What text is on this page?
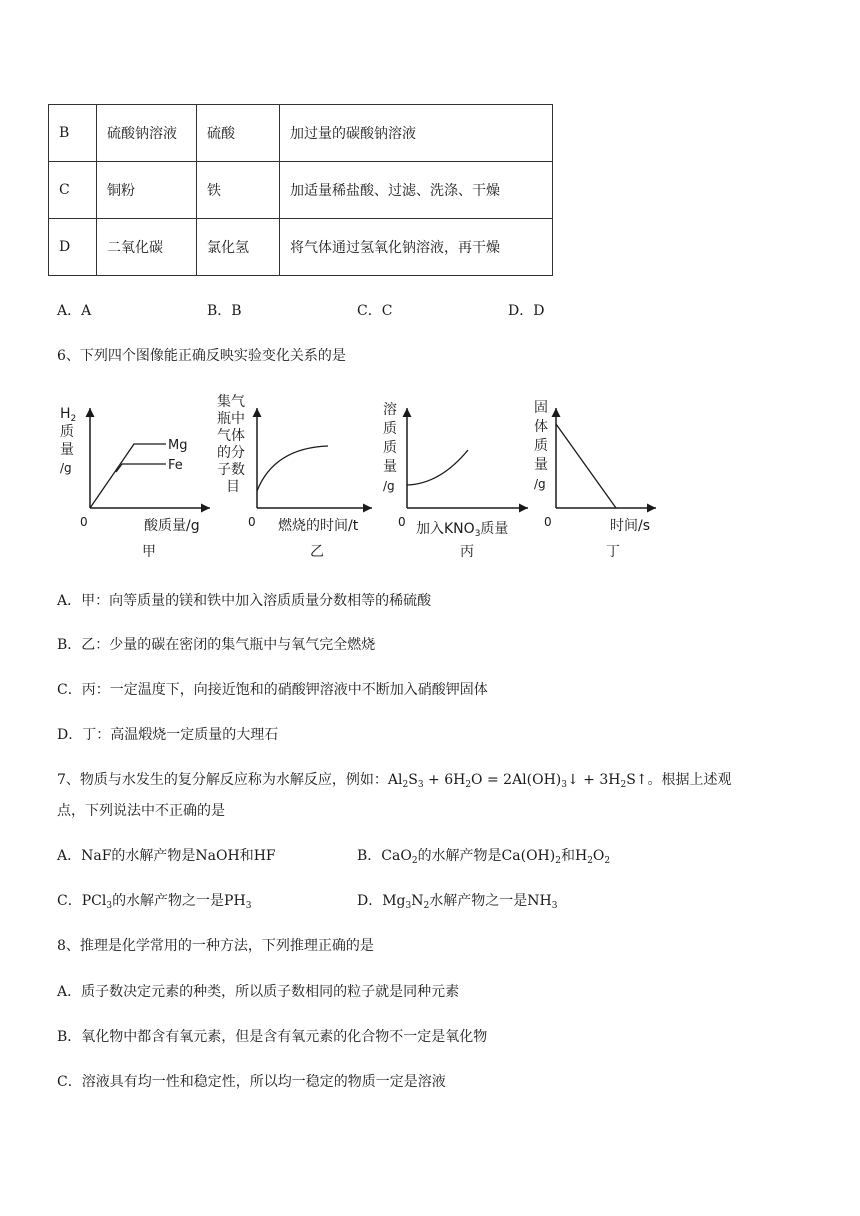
B	硫酸钠溶液	硫酸	加过量的碳酸钠溶液
C	铜粉	铁	加适量稀盐酸、过滤、洗涤、干燥
D	二氧化碳	氯化氢	将气体通过氢氧化钠溶液，再干燥
A．A	B．B	C．C	D．D
6、下列四个图像能正确反映实验变化关系的是
Mg
Fe
$H_2$
质
量
/g
0	酸质量/g
甲
集气
瓶中
气体
的分
子数
目
0 燃烧的时间/t
乙
溶
质
质
量
/g
0 加入$KNO_3$质量
丙
固
体
质
量
/g
0	时间/s
丁
A．甲：向等质量的镁和铁中加入溶质质量分数相等的稀硫酸
B．乙：少量的碳在密闭的集气瓶中与氧气完全燃烧
C．丙：一定温度下，向接近饱和的硝酸钾溶液中不断加入硝酸钾固体
D．丁：高温煅烧一定质量的大理石
7、物质与水发生的复分解反应称为水解反应，例如：$Al_2S_3 + 6H_2O$ = $2Al(OH)_3↓$ + $3H_2S↑$。根据上述观
点，下列说法中不正确的是
A．NaF的水解产物是NaOH和HF	B．CaO$_2$的水解产物是$Ca(OH)_2$和$H_2O_2$
C．PCl$_3$的水解产物之一是$PH_3$	D．$Mg_3N_2$水解产物之一是$NH_3$
8、推理是化学常用的一种方法，下列推理正确的是
A．质子数决定元素的种类，所以质子数相同的粒子就是同种元素
B．氧化物中都含有氧元素，但是含有氧元素的化合物不一定是氧化物
C．溶液具有均一性和稳定性，所以均一稳定的物质一定是溶液
